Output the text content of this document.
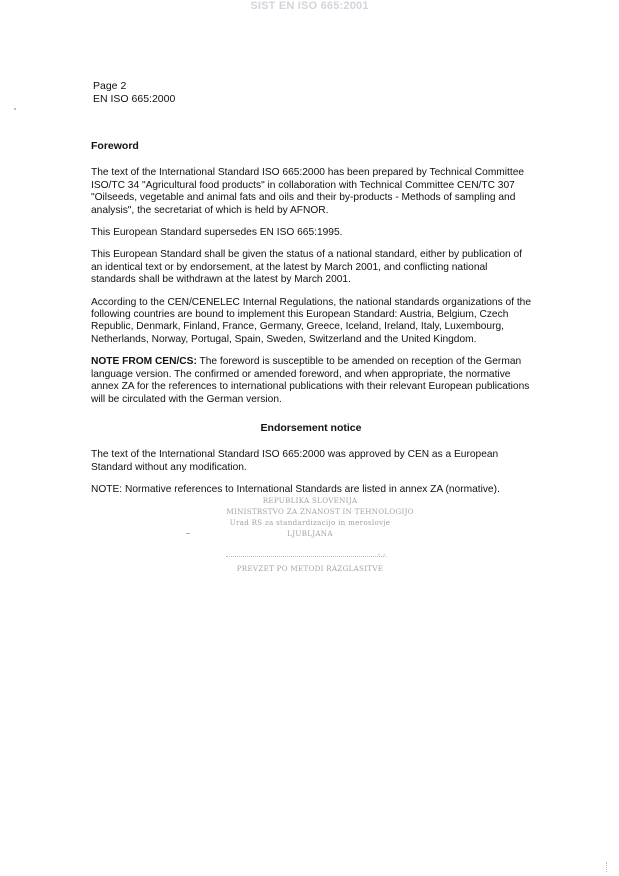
SIST EN ISO 665:2001
Page 2
EN ISO 665:2000
Foreword

The text of the International Standard ISO 665:2000 has been prepared by Technical Committee ISO/TC 34 "Agricultural food products" in collaboration with Technical Committee CEN/TC 307 "Oilseeds, vegetable and animal fats and oils and their by-products - Methods of sampling and analysis", the secretariat of which is held by AFNOR.

This European Standard supersedes EN ISO 665:1995.

This European Standard shall be given the status of a national standard, either by publication of an identical text or by endorsement, at the latest by March 2001, and conflicting national standards shall be withdrawn at the latest by March 2001.

According to the CEN/CENELEC Internal Regulations, the national standards organizations of the following countries are bound to implement this European Standard: Austria, Belgium, Czech Republic, Denmark, Finland, France, Germany, Greece, Iceland, Ireland, Italy, Luxembourg, Netherlands, Norway, Portugal, Spain, Sweden, Switzerland and the United Kingdom.

NOTE FROM CEN/CS: The foreword is susceptible to be amended on reception of the German language version. The confirmed or amended foreword, and when appropriate, the normative annex ZA for the references to international publications with their relevant European publications will be circulated with the German version.

Endorsement notice

The text of the International Standard ISO 665:2000 was approved by CEN as a European Standard without any modification.

NOTE: Normative references to International Standards are listed in annex ZA (normative).

REPUBLIKA SLOVENIJA
MINISTRSTVO ZA ZNANOST IN TEHNOLOGIJO
Urad RS za standardizacijo in meroslovje
LJUBLJANA
-.-
PREVZET PO METODI RAZGLASITVE
